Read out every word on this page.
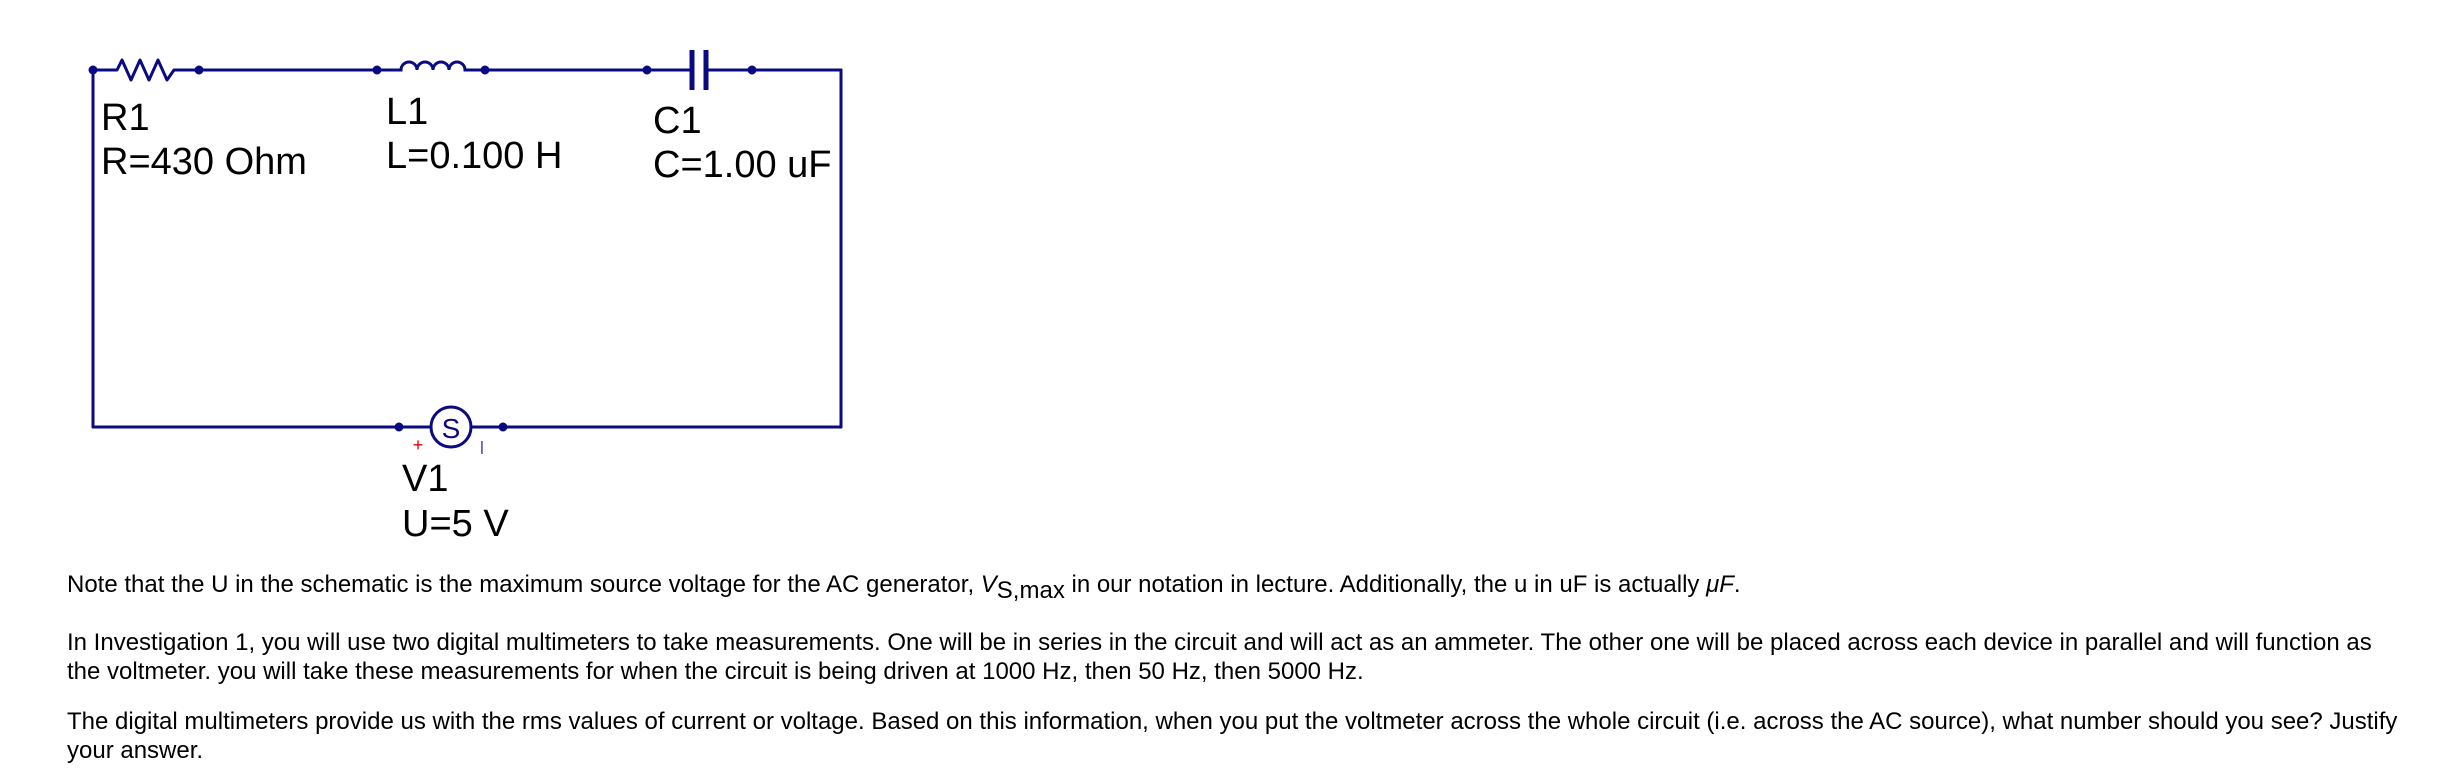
S
+	|
R1
R=430 Ohm
L1
L=0.100 H
C1
C=1.00 uF
V1
U=5 V
Note that the U in the schematic is the maximum source voltage for the AC generator, VS,max in our notation in lecture. Additionally, the u in uF is actually μF.
In Investigation 1, you will use two digital multimeters to take measurements. One will be in series in the circuit and will act as an ammeter. The other one will be placed across each device in parallel and will function as the voltmeter. you will take these measurements for when the circuit is being driven at 1000 Hz, then 50 Hz, then 5000 Hz.
The digital multimeters provide us with the rms values of current or voltage. Based on this information, when you put the voltmeter across the whole circuit (i.e. across the AC source), what number should you see? Justify your answer.
